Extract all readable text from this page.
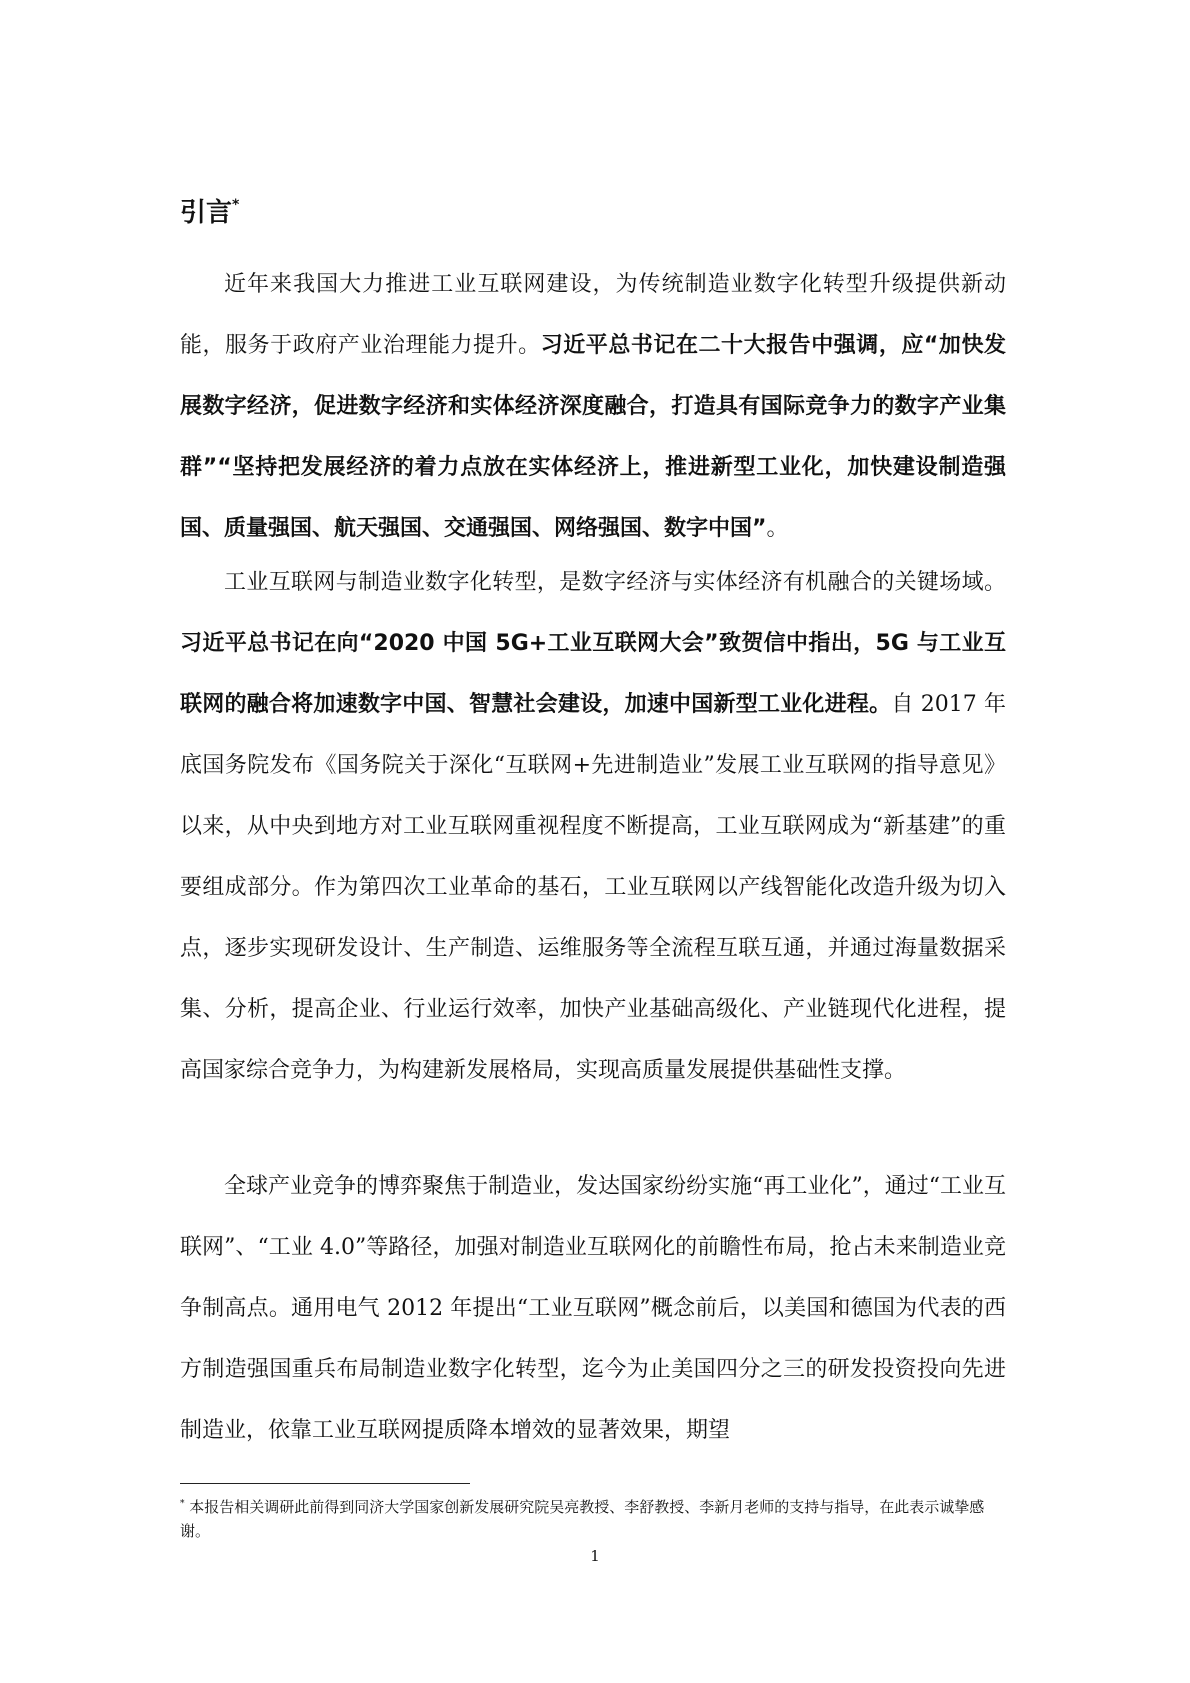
引言*

近年来我国大力推进工业互联网建设，为传统制造业数字化转型升级提供新动能，服务于政府产业治理能力提升。习近平总书记在二十大报告中强调，应“加快发展数字经济，促进数字经济和实体经济深度融合，打造具有国际竞争力的数字产业集群”“坚持把发展经济的着力点放在实体经济上，推进新型工业化，加快建设制造强国、质量强国、航天强国、交通强国、网络强国、数字中国”。

工业互联网与制造业数字化转型，是数字经济与实体经济有机融合的关键场域。习近平总书记在向“2020 中国 5G+工业互联网大会”致贺信中指出，5G 与工业互联网的融合将加速数字中国、智慧社会建设，加速中国新型工业化进程。自 2017 年底国务院发布《国务院关于深化“互联网+先进制造业”发展工业互联网的指导意见》以来，从中央到地方对工业互联网重视程度不断提高，工业互联网成为“新基建”的重要组成部分。作为第四次工业革命的基石，工业互联网以产线智能化改造升级为切入点，逐步实现研发设计、生产制造、运维服务等全流程互联互通，并通过海量数据采集、分析，提高企业、行业运行效率，加快产业基础高级化、产业链现代化进程，提高国家综合竞争力，为构建新发展格局，实现高质量发展提供基础性支撑。

全球产业竞争的博弈聚焦于制造业，发达国家纷纷实施“再工业化”，通过“工业互联网”、“工业 4.0”等路径，加强对制造业互联网化的前瞻性布局，抢占未来制造业竞争制高点。通用电气 2012 年提出“工业互联网”概念前后，以美国和德国为代表的西方制造强国重兵布局制造业数字化转型，迄今为止美国四分之三的研发投资投向先进制造业，依靠工业互联网提质降本增效的显著效果，期望

* 本报告相关调研此前得到同济大学国家创新发展研究院吴亮教授、李舒教授、李新月老师的支持与指导，在此表示诚挚感谢。

1
